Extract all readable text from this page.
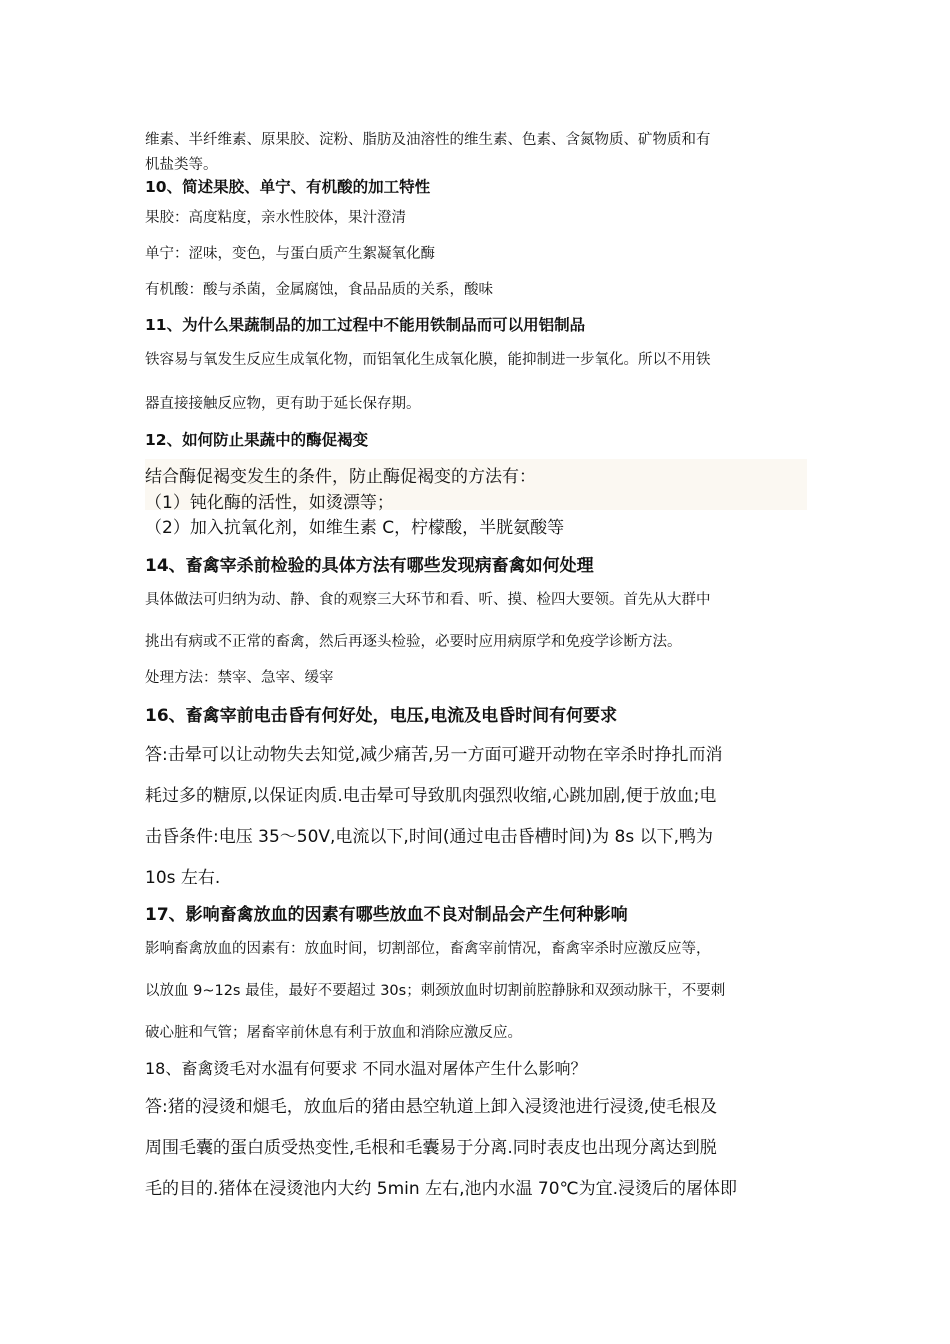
维素、半纤维素、原果胶、淀粉、脂肪及油溶性的维生素、色素、含氮物质、矿物质和有

机盐类等。

10、简述果胶、单宁、有机酸的加工特性

果胶：高度粘度，亲水性胶体，果汁澄清

单宁：涩味，变色，与蛋白质产生絮凝氧化酶

有机酸：酸与杀菌，金属腐蚀，食品品质的关系，酸味

11、为什么果蔬制品的加工过程中不能用铁制品而可以用铝制品

铁容易与氧发生反应生成氧化物，而铝氧化生成氧化膜，能抑制进一步氧化。所以不用铁

器直接接触反应物，更有助于延长保存期。

12、如何防止果蔬中的酶促褐变

结合酶促褐变发生的条件，防止酶促褐变的方法有：

（1）钝化酶的活性，如烫漂等；

（2）加入抗氧化剂，如维生素 C，柠檬酸，半胱氨酸等

14、畜禽宰杀前检验的具体方法有哪些发现病畜禽如何处理

具体做法可归纳为动、静、食的观察三大环节和看、听、摸、检四大要领。首先从大群中

挑出有病或不正常的畜禽，然后再逐头检验，必要时应用病原学和免疫学诊断方法。

处理方法：禁宰、急宰、缓宰

16、畜禽宰前电击昏有何好处，电压,电流及电昏时间有何要求

答:击晕可以让动物失去知觉,减少痛苦,另一方面可避开动物在宰杀时挣扎而消

耗过多的糖原,以保证肉质.电击晕可导致肌肉强烈收缩,心跳加剧,便于放血;电

击昏条件:电压 35～50V,电流以下,时间(通过电击昏槽时间)为 8s 以下,鸭为

10s 左右.

17、影响畜禽放血的因素有哪些放血不良对制品会产生何种影响

影响畜禽放血的因素有：放血时间，切割部位，畜禽宰前情况，畜禽宰杀时应激反应等，

以放血 9~12s 最佳，最好不要超过 30s；刺颈放血时切割前腔静脉和双颈动脉干，不要刺

破心脏和气管；屠畜宰前休息有利于放血和消除应激反应。

18、畜禽烫毛对水温有何要求 不同水温对屠体产生什么影响？

答:猪的浸烫和煺毛，放血后的猪由悬空轨道上卸入浸烫池进行浸烫,使毛根及

周围毛囊的蛋白质受热变性,毛根和毛囊易于分离.同时表皮也出现分离达到脱

毛的目的.猪体在浸烫池内大约 5min 左右,池内水温 70℃为宜.浸烫后的屠体即
